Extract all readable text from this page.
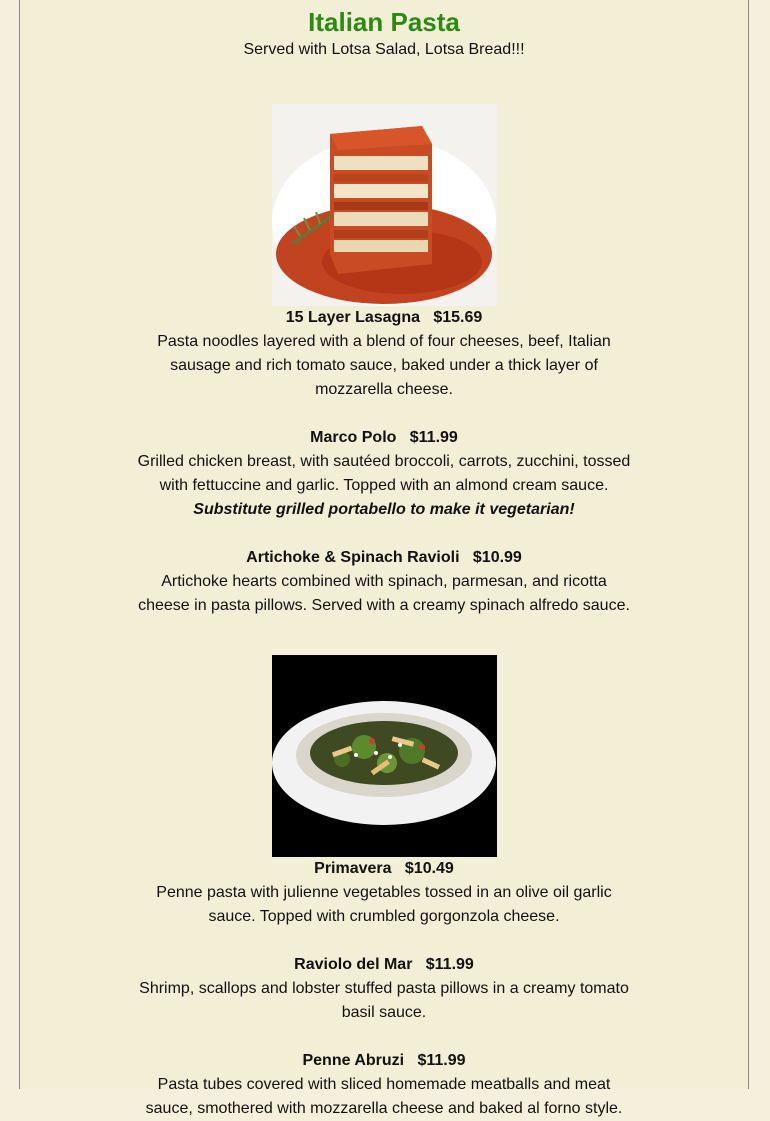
Italian Pasta

Served with Lotsa Salad, Lotsa Bread!!!

15 Layer Lasagna $15.69

Pasta noodles layered with a blend of four cheeses, beef, Italian sausage and rich tomato sauce, baked under a thick layer of mozzarella cheese.

Marco Polo $11.99

Grilled chicken breast, with sautéed broccoli, carrots, zucchini, tossed with fettuccine and garlic. Topped with an almond cream sauce.

Substitute grilled portabello to make it vegetarian!
Artichoke & Spinach Ravioli $10.99

Artichoke hearts combined with spinach, parmesan, and ricotta cheese in pasta pillows. Served with a creamy spinach alfredo sauce.

Primavera $10.49

Penne pasta with julienne vegetables tossed in an olive oil garlic sauce. Topped with crumbled gorgonzola cheese.

Raviolo del Mar $11.99

Shrimp, scallops and lobster stuffed pasta pillows in a creamy tomato basil sauce.

Penne Abruzi $11.99

Pasta tubes covered with sliced homemade meatballs and meat sauce, smothered with mozzarella cheese and baked al forno style.
